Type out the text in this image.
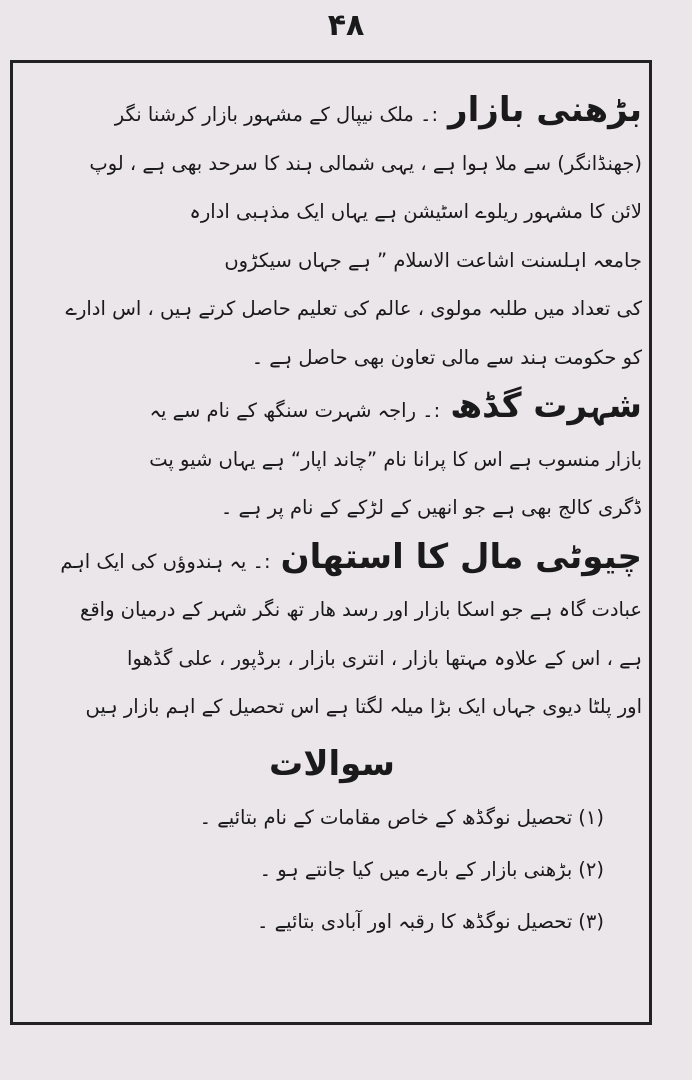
۴۸

بڑھنی بازار:۔ ملک نیپال کے مشہور بازار کرشنا نگر

(جھنڈانگر) سے ملا ہوا ہے ، یہی شمالی ہند کا سرحد بھی ہے ، لوپ

لائن کا مشہور ریلوے اسٹیشن ہے یہاں ایک مذہبی ادارہ

جامعہ اہلسنت اشاعت الاسلام ” ہے جہاں سیکڑوں

کی تعداد میں طلبہ مولوی ، عالم کی تعلیم حاصل کرتے ہیں ، اس ادارے

کو حکومت ہند سے مالی تعاون بھی حاصل ہے ۔

شہرت گڈھ:۔ راجہ شہرت سنگھ کے نام سے یہ

بازار منسوب ہے اس کا پرانا نام ”چاند اپار“ ہے یہاں شیو پت

ڈگری کالج بھی ہے جو انھیں کے لڑکے کے نام پر ہے ۔

چیوٹی مال کا استھان:۔ یہ ہندوؤں کی ایک اہم

عبادت گاہ ہے جو اسکا بازار اور رسد ھار تھ نگر شہر کے درمیان واقع

ہے ، اس کے علاوہ مہتھا بازار ، انتری بازار ، برڈپور ، علی گڈھوا

اور پلٹا دیوی جہاں ایک بڑا میلہ لگتا ہے اس تحصیل کے اہم بازار ہیں

سوالات
(۱)تحصیل نوگڈھ کے خاص مقامات کے نام بتائیے ۔
(۲)بڑھنی بازار کے بارے میں کیا جانتے ہو ۔
(۳)تحصیل نوگڈھ کا رقبہ اور آبادی بتائیے ۔
